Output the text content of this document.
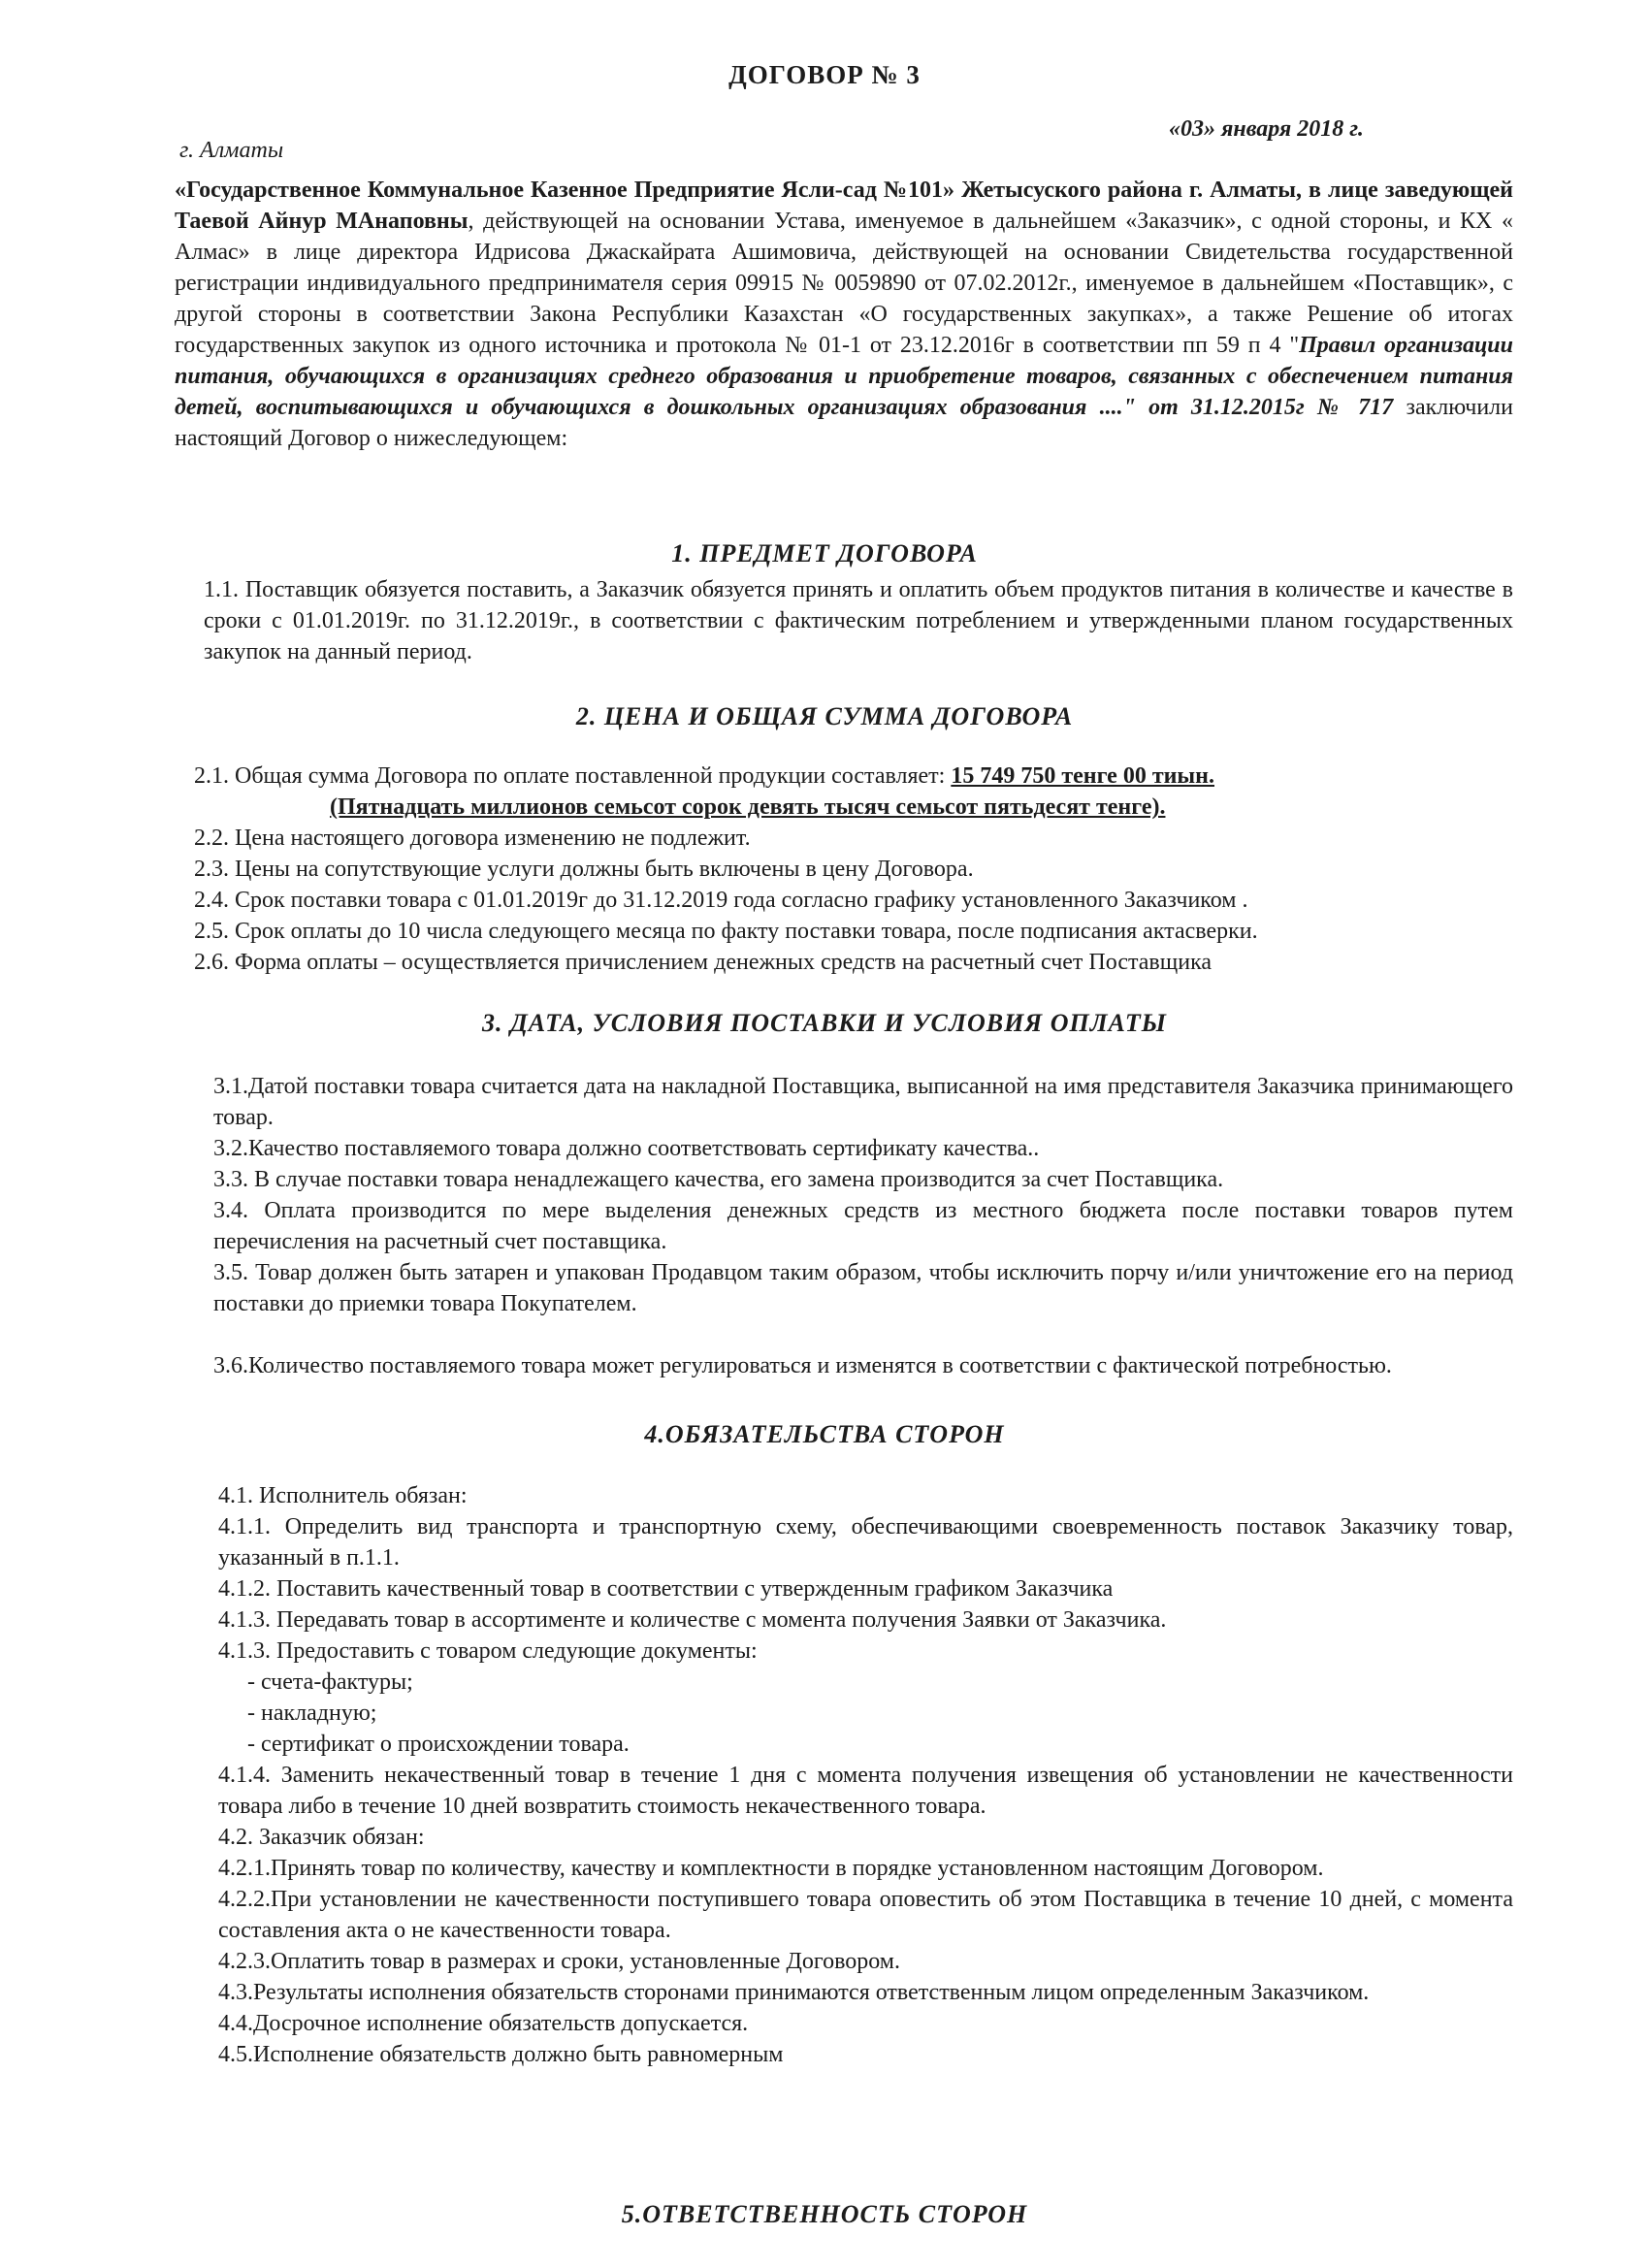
ДОГОВОР № 3
«03» января 2018 г.
г. Алматы
«Государственное Коммунальное Казенное Предприятие Ясли-сад №101» Жетысуского района г. Алматы, в лице заведующей Таевой Айнур МАнаповны, действующей на основании Устава, именуемое в дальнейшем «Заказчик», с одной стороны, и КХ « Алмас» в лице директора Идрисова Джаскайрата Ашимовича, действующей на основании Свидетельства государственной регистрации индивидуального предпринимателя серия 09915 № 0059890 от 07.02.2012г., именуемое в дальнейшем «Поставщик», с другой стороны в соответствии Закона Республики Казахстан «О государственных закупках», а также Решение об итогах государственных закупок из одного источника и протокола № 01-1 от 23.12.2016г в соответствии пп 59 п 4 "Правил организации питания, обучающихся в организациях среднего образования и приобретение товаров, связанных с обеспечением питания детей, воспитывающихся и обучающихся в дошкольных организациях образования ...." от 31.12.2015г № 717 заключили настоящий Договор о нижеследующем:
1. ПРЕДМЕТ ДОГОВОРА

1.1. Поставщик обязуется поставить, а Заказчик обязуется принять и оплатить объем продуктов питания в количестве и качестве в сроки с 01.01.2019г. по 31.12.2019г., в соответствии с фактическим потреблением и утвержденными планом государственных закупок на данный период.

2. ЦЕНА И ОБЩАЯ СУММА ДОГОВОРА

2.1. Общая сумма Договора по оплате поставленной продукции составляет: 15 749 750 тенге 00 тиын.
(Пятнадцать миллионов семьсот сорок девять тысяч семьсот пятьдесят тенге).

2.2. Цена настоящего договора изменению не подлежит.

2.3. Цены на сопутствующие услуги должны быть включены в цену Договора.

2.4. Срок поставки товара с 01.01.2019г до 31.12.2019 года согласно графику установленного Заказчиком .

2.5. Срок оплаты до 10 числа следующего месяца по факту поставки товара, после подписания актасверки.

2.6. Форма оплаты – осуществляется причислением денежных средств на расчетный счет Поставщика

3. ДАТА, УСЛОВИЯ ПОСТАВКИ И УСЛОВИЯ ОПЛАТЫ

3.1.Датой поставки товара считается дата на накладной Поставщика, выписанной на имя представителя Заказчика принимающего товар.

3.2.Качество поставляемого товара должно соответствовать сертификату качества..

3.3. В случае поставки товара ненадлежащего качества, его замена производится за счет Поставщика.

3.4. Оплата производится по мере выделения денежных средств из местного бюджета после поставки товаров путем перечисления на расчетный счет поставщика.

3.5. Товар должен быть затарен и упакован Продавцом таким образом, чтобы исключить порчу и/или уничтожение его на период поставки до приемки товара Покупателем.

3.6.Количество поставляемого товара может регулироваться и изменятся в соответствии с фактической потребностью.

4.ОБЯЗАТЕЛЬСТВА СТОРОН

4.1. Исполнитель обязан:

4.1.1. Определить вид транспорта и транспортную схему, обеспечивающими своевременность поставок Заказчику товар, указанный в п.1.1.

4.1.2. Поставить качественный товар в соответствии с утвержденным графиком Заказчика

4.1.3. Передавать товар в ассортименте и количестве с момента получения Заявки от Заказчика.

4.1.3. Предоставить с товаром следующие документы:

- счета-фактуры;

- накладную;

- сертификат о происхождении товара.

4.1.4. Заменить некачественный товар в течение 1 дня с момента получения извещения об установлении не качественности товара либо в течение 10 дней возвратить стоимость некачественного товара.

4.2. Заказчик обязан:

4.2.1.Принять товар по количеству, качеству и комплектности в порядке установленном настоящим Договором.

4.2.2.При установлении не качественности поступившего товара оповестить об этом Поставщика в течение 10 дней, с момента составления акта о не качественности товара.

4.2.3.Оплатить товар в размерах и сроки, установленные Договором.

4.3.Результаты исполнения обязательств сторонами принимаются ответственным лицом определенным Заказчиком.

4.4.Досрочное исполнение обязательств допускается.

4.5.Исполнение обязательств должно быть равномерным

5.ОТВЕТСТВЕННОСТЬ СТОРОН
